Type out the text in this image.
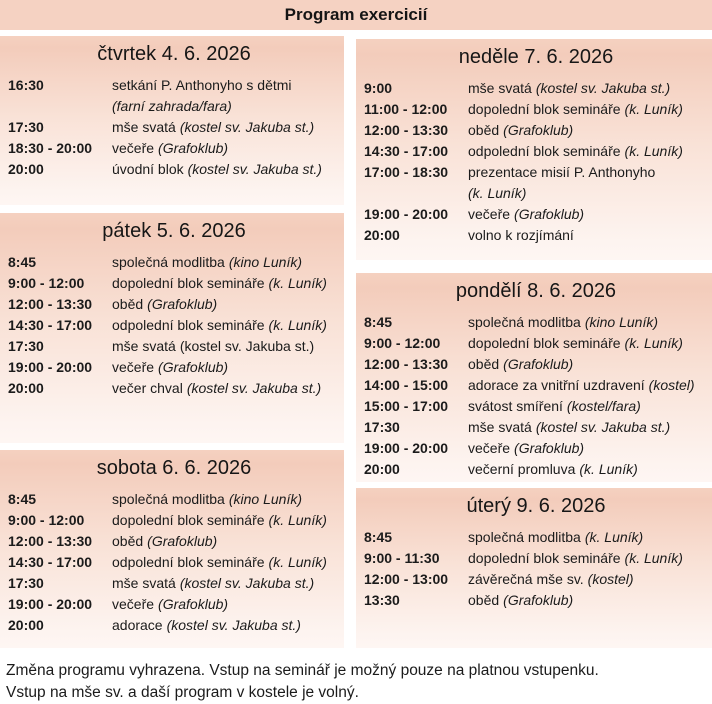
Program exercicií
čtvrtek 4. 6. 2026
16:30	setkání P. Anthonyho s dětmi
(farní zahrada/fara)
17:30	mše svatá (kostel sv. Jakuba st.)
18:30 - 20:00	večeře (Grafoklub)
20:00	úvodní blok (kostel sv. Jakuba st.)
pátek 5. 6. 2026
8:45	společná modlitba (kino Luník)
9:00 - 12:00	dopolední blok semináře (k. Luník)
12:00 - 13:30	oběd (Grafoklub)
14:30 - 17:00	odpolední blok semináře (k. Luník)
17:30	mše svatá (kostel sv. Jakuba st.)
19:00 - 20:00	večeře (Grafoklub)
20:00	večer chval (kostel sv. Jakuba st.)
sobota 6. 6. 2026
8:45	společná modlitba (kino Luník)
9:00 - 12:00	dopolední blok semináře (k. Luník)
12:00 - 13:30	oběd (Grafoklub)
14:30 - 17:00	odpolední blok semináře (k. Luník)
17:30	mše svatá (kostel sv. Jakuba st.)
19:00 - 20:00	večeře (Grafoklub)
20:00	adorace (kostel sv. Jakuba st.)
neděle 7. 6. 2026
9:00	mše svatá (kostel sv. Jakuba st.)
11:00 - 12:00	dopolední blok semináře (k. Luník)
12:00 - 13:30	oběd (Grafoklub)
14:30 - 17:00	odpolední blok semináře (k. Luník)
17:00 - 18:30	prezentace misií P. Anthonyho
(k. Luník)
19:00 - 20:00	večeře (Grafoklub)
20:00	volno k rozjímání
pondělí 8. 6. 2026
8:45	společná modlitba (kino Luník)
9:00 - 12:00	dopolední blok semináře (k. Luník)
12:00 - 13:30	oběd (Grafoklub)
14:00 - 15:00	adorace za vnitřní uzdravení (kostel)
15:00 - 17:00	svátost smíření (kostel/fara)
17:30	mše svatá (kostel sv. Jakuba st.)
19:00 - 20:00	večeře (Grafoklub)
20:00	večerní promluva (k. Luník)
úterý 9. 6. 2026
8:45	společná modlitba (k. Luník)
9:00 - 11:30	dopolední blok semináře (k. Luník)
12:00 - 13:00	závěrečná mše sv. (kostel)
13:30	oběd (Grafoklub)
Změna programu vyhrazena. Vstup na seminář je možný pouze na platnou vstupenku.
Vstup na mše sv. a daší program v kostele je volný.
